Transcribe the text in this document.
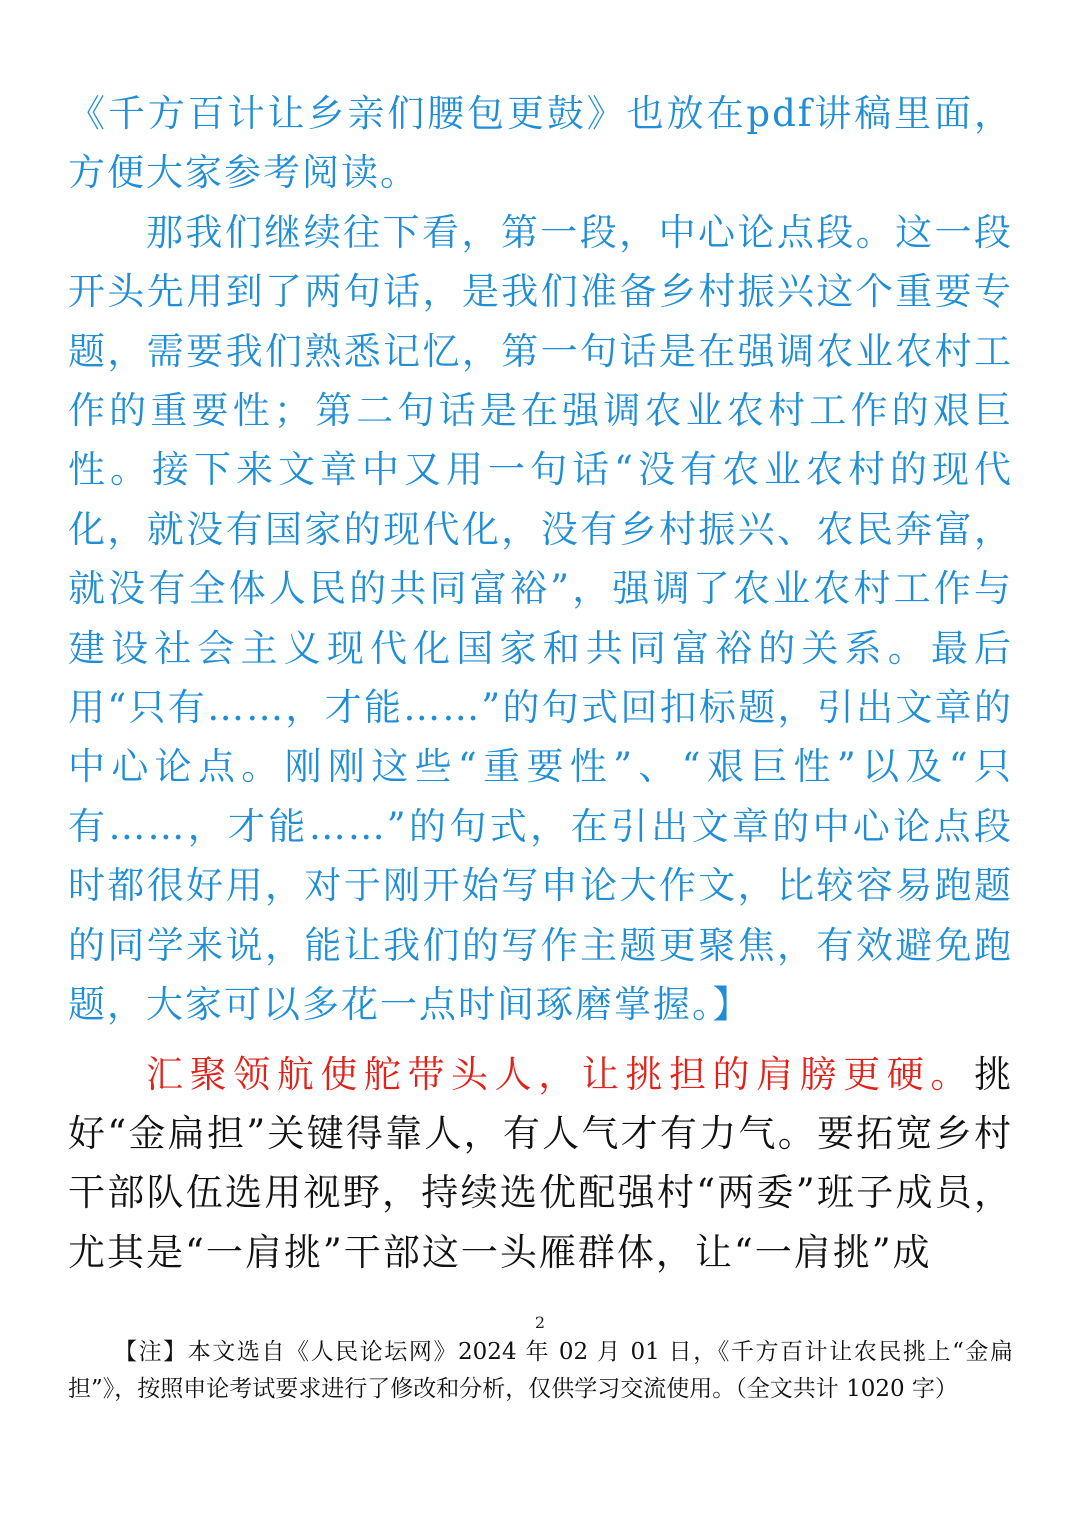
《千方百计让乡亲们腰包更鼓》也放在pdf讲稿里面，方便大家参考阅读。

那我们继续往下看，第一段，中心论点段。这一段开头先用到了两句话，是我们准备乡村振兴这个重要专题，需要我们熟悉记忆，第一句话是在强调农业农村工作的重要性；第二句话是在强调农业农村工作的艰巨性。接下来文章中又用一句话“没有农业农村的现代化，就没有国家的现代化，没有乡村振兴、农民奔富，就没有全体人民的共同富裕”，强调了农业农村工作与建设社会主义现代化国家和共同富裕的关系。最后用“只有……，才能……”的句式回扣标题，引出文章的中心论点。刚刚这些“重要性”、“艰巨性”以及“只有……，才能……”的句式，在引出文章的中心论点段时都很好用，对于刚开始写申论大作文，比较容易跑题的同学来说，能让我们的写作主题更聚焦，有效避免跑题，大家可以多花一点时间琢磨掌握。】

汇聚领航使舵带头人，让挑担的肩膀更硬。挑好“金扁担”关键得靠人，有人气才有力气。要拓宽乡村干部队伍选用视野，持续选优配强村“两委”班子成员，尤其是“一肩挑”干部这一头雁群体，让“一肩挑”成

2
【注】本文选自《人民论坛网》2024 年 02 月 01 日，《千方百计让农民挑上“金扁担”》，按照申论考试要求进行了修改和分析，仅供学习交流使用。（全文共计 1020 字）
